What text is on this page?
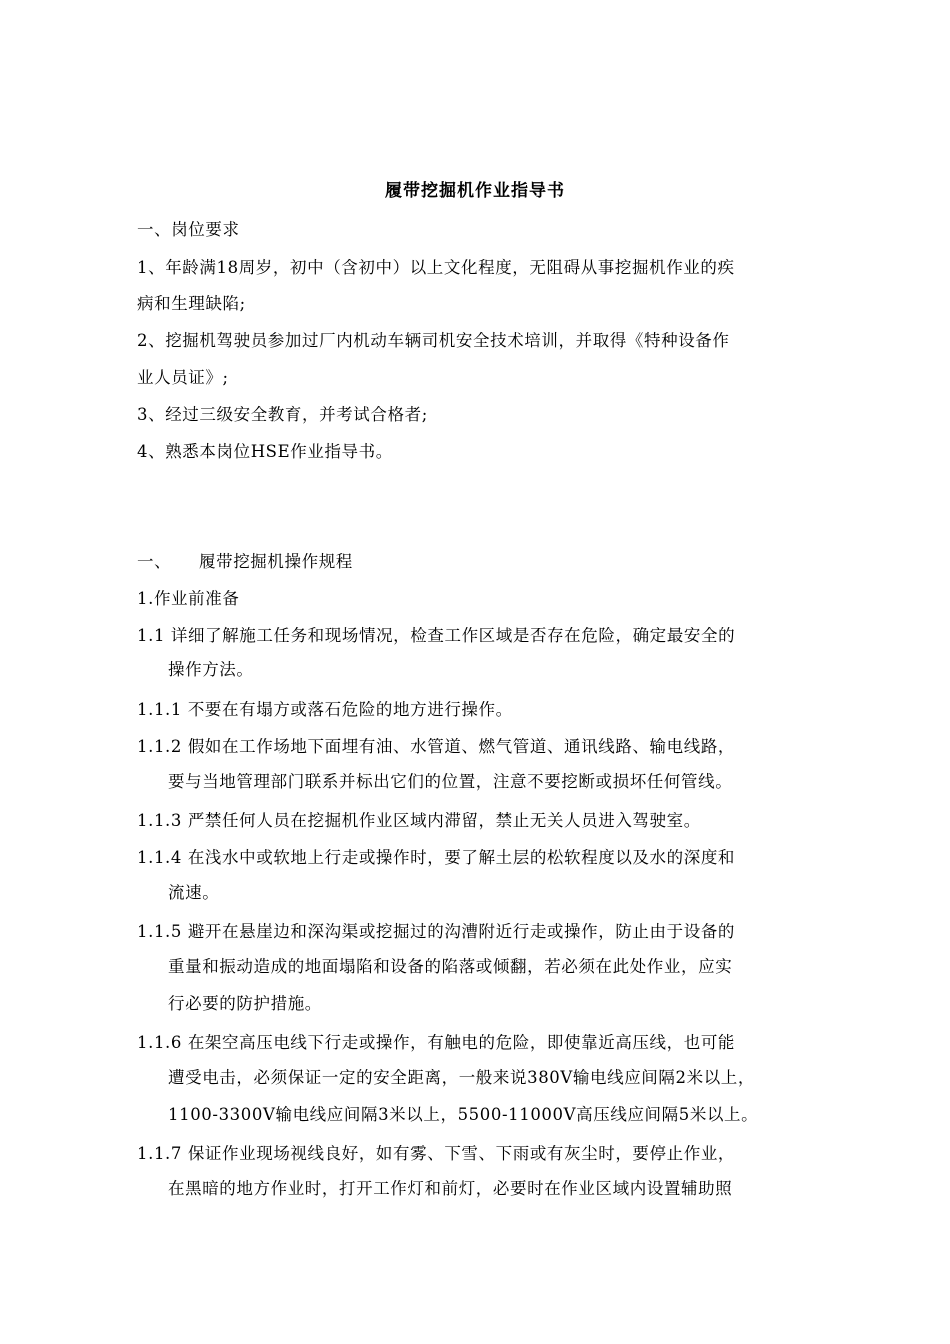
履带挖掘机作业指导书
一、岗位要求
1、年龄满18周岁，初中（含初中）以上文化程度，无阻碍从事挖掘机作业的疾
病和生理缺陷;
2、挖掘机驾驶员参加过厂内机动车辆司机安全技术培训，并取得《特种设备作
业人员证》;
3、经过三级安全教育，并考试合格者;
4、熟悉本岗位HSE作业指导书。
一、 履带挖掘机操作规程
1.作业前准备
1.1 详细了解施工任务和现场情况，检查工作区域是否存在危险，确定最安全的
操作方法。
1.1.1 不要在有塌方或落石危险的地方进行操作。
1.1.2 假如在工作场地下面埋有油、水管道、燃气管道、通讯线路、输电线路，
要与当地管理部门联系并标出它们的位置，注意不要挖断或损坏任何管线。
1.1.3 严禁任何人员在挖掘机作业区域内滞留，禁止无关人员进入驾驶室。
1.1.4 在浅水中或软地上行走或操作时，要了解土层的松软程度以及水的深度和
流速。
1.1.5 避开在悬崖边和深沟渠或挖掘过的沟漕附近行走或操作，防止由于设备的
重量和振动造成的地面塌陷和设备的陷落或倾翻，若必须在此处作业，应实
行必要的防护措施。
1.1.6 在架空高压电线下行走或操作，有触电的危险，即使靠近高压线，也可能
遭受电击，必须保证一定的安全距离，一般来说380V输电线应间隔2米以上，
1100-3300V输电线应间隔3米以上，5500-11000V高压线应间隔5米以上。
1.1.7 保证作业现场视线良好，如有雾、下雪、下雨或有灰尘时，要停止作业，
在黑暗的地方作业时，打开工作灯和前灯，必要时在作业区域内设置辅助照
